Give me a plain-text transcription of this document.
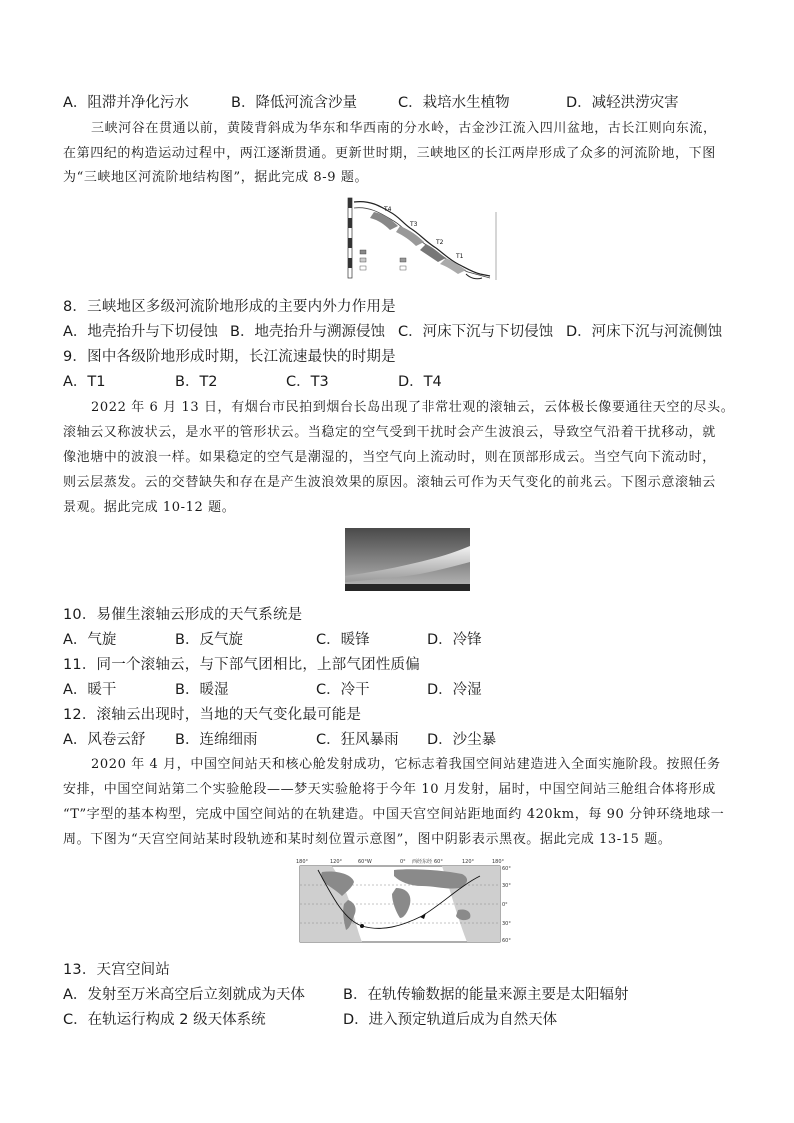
A．阻滞并净化污水	B．降低河流含沙量	C．栽培水生植物	D．减轻洪涝灾害
三峡河谷在贯通以前，黄陵背斜成为华东和华西南的分水岭，古金沙江流入四川盆地，古长江则向东流，
在第四纪的构造运动过程中，两江逐渐贯通。更新世时期，三峡地区的长江两岸形成了众多的河流阶地，下图
为“三峡地区河流阶地结构图”，据此完成 8-9 题。
T4
T3
T2
T1
8．三峡地区多级河流阶地形成的主要内外力作用是
A．地壳抬升与下切侵蚀 B．地壳抬升与溯源侵蚀 C．河床下沉与下切侵蚀 D．河床下沉与河流侧蚀
9．图中各级阶地形成时期，长江流速最快的时期是
A．T1	B．T2	C．T3	D．T4
2022 年 6 月 13 日，有烟台市民拍到烟台长岛出现了非常壮观的滚轴云，云体极长像要通往天空的尽头。
滚轴云又称波状云，是水平的管形状云。当稳定的空气受到干扰时会产生波浪云，导致空气沿着干扰移动，就
像池塘中的波浪一样。如果稳定的空气是潮湿的，当空气向上流动时，则在顶部形成云。当空气向下流动时，
则云层蒸发。云的交替缺失和存在是产生波浪效果的原因。滚轴云可作为天气变化的前兆云。下图示意滚轴云
景观。据此完成 10-12 题。
10．易催生滚轴云形成的天气系统是
A．气旋	B．反气旋	C．暖锋	D．冷锋
11．同一个滚轴云，与下部气团相比，上部气团性质偏
A．暖干	B．暖湿	C．冷干	D．冷湿
12．滚轴云出现时，当地的天气变化最可能是
A．风卷云舒 B．连绵细雨	C．狂风暴雨 D．沙尘暴
2020 年 4 月，中国空间站天和核心舱发射成功，它标志着我国空间站建造进入全面实施阶段。按照任务
安排，中国空间站第二个实验舱段——梦天实验舱将于今年 10 月发射，届时，中国空间站三舱组合体将形成
“T”字型的基本构型，完成中国空间站的在轨建造。中国天宫空间站距地面约 420km，每 90 分钟环绕地球一
周。下图为“天宫空间站某时段轨迹和某时刻位置示意图”，图中阴影表示黑夜。据此完成 13-15 题。
180°	120°	60°W	西经东经
0°	60°	120°	180°
60°
30°
0°
30°
60°
13．天宫空间站
A．发射至万米高空后立刻就成为天体	B．在轨传输数据的能量来源主要是太阳辐射
C．在轨运行构成 2 级天体系统	D．进入预定轨道后成为自然天体
